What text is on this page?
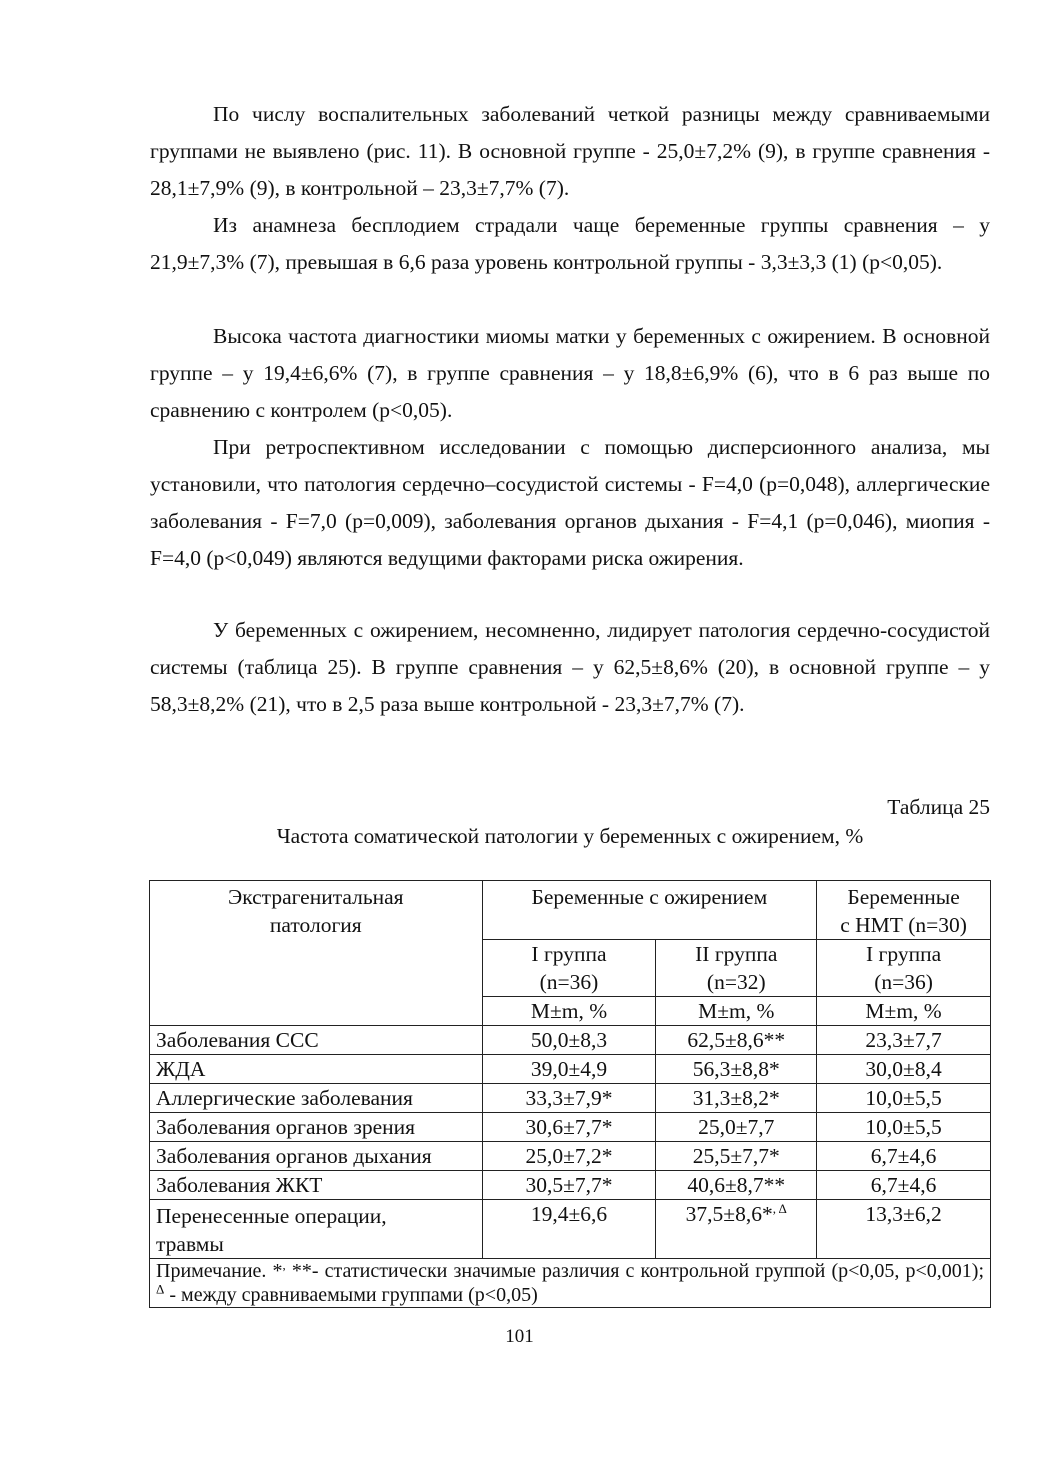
По числу воспалительных заболеваний четкой разницы между сравниваемыми группами не выявлено (рис. 11). В основной группе - 25,0±7,2% (9), в группе сравнения - 28,1±7,9% (9), в контрольной – 23,3±7,7% (7).

Из анамнеза бесплодием страдали чаще беременные группы сравнения – у 21,9±7,3% (7), превышая в 6,6 раза уровень контрольной группы - 3,3±3,3 (1) (р<0,05).

Высока частота диагностики миомы матки у беременных с ожирением. В основной группе – у 19,4±6,6% (7), в группе сравнения – у 18,8±6,9% (6), что в 6 раз выше по сравнению с контролем (р<0,05).

При ретроспективном исследовании с помощью дисперсионного анализа, мы установили, что патология сердечно–сосудистой системы - F=4,0 (р=0,048), аллергические заболевания - F=7,0 (р=0,009), заболевания органов дыхания - F=4,1 (р=0,046), миопия - F=4,0 (р<0,049) являются ведущими факторами риска ожирения.

У беременных с ожирением, несомненно, лидирует патология сердечно-сосудистой системы (таблица 25). В группе сравнения – у 62,5±8,6% (20), в основной группе – у 58,3±8,2% (21), что в 2,5 раза выше контрольной - 23,3±7,7% (7).

Таблица 25
Частота соматической патологии у беременных с ожирением, %
Экстрагенитальная патология	Беременные с ожирением		Беременные
с НМТ (n=30)

	I группа (n=36)	II группа (n=32)	I группа (n=36)

	M±m, %	M±m, %	M±m, %
Заболевания ССС	50,0±8,3	62,5±8,6**	23,3±7,7
ЖДА	39,0±4,9	56,3±8,8*	30,0±8,4
Аллергические заболевания	33,3±7,9*	31,3±8,2*	10,0±5,5
Заболевания органов зрения	30,6±7,7*	25,0±7,7	10,0±5,5
Заболевания органов дыхания	25,0±7,2*	25,5±7,7*	6,7±4,6
Заболевания ЖКТ	30,5±7,7*	40,6±8,7**	6,7±4,6

Перенесенные операции, травмы	19,4±6,6	37,5±8,6*$^{, \Delta}$	13,3±6,2
Примечание. *, **- статистически значимые различия с контрольной группой (р<0,05, р<0,001); $^\Delta$ - между сравниваемыми группами (р<0,05)			
101
